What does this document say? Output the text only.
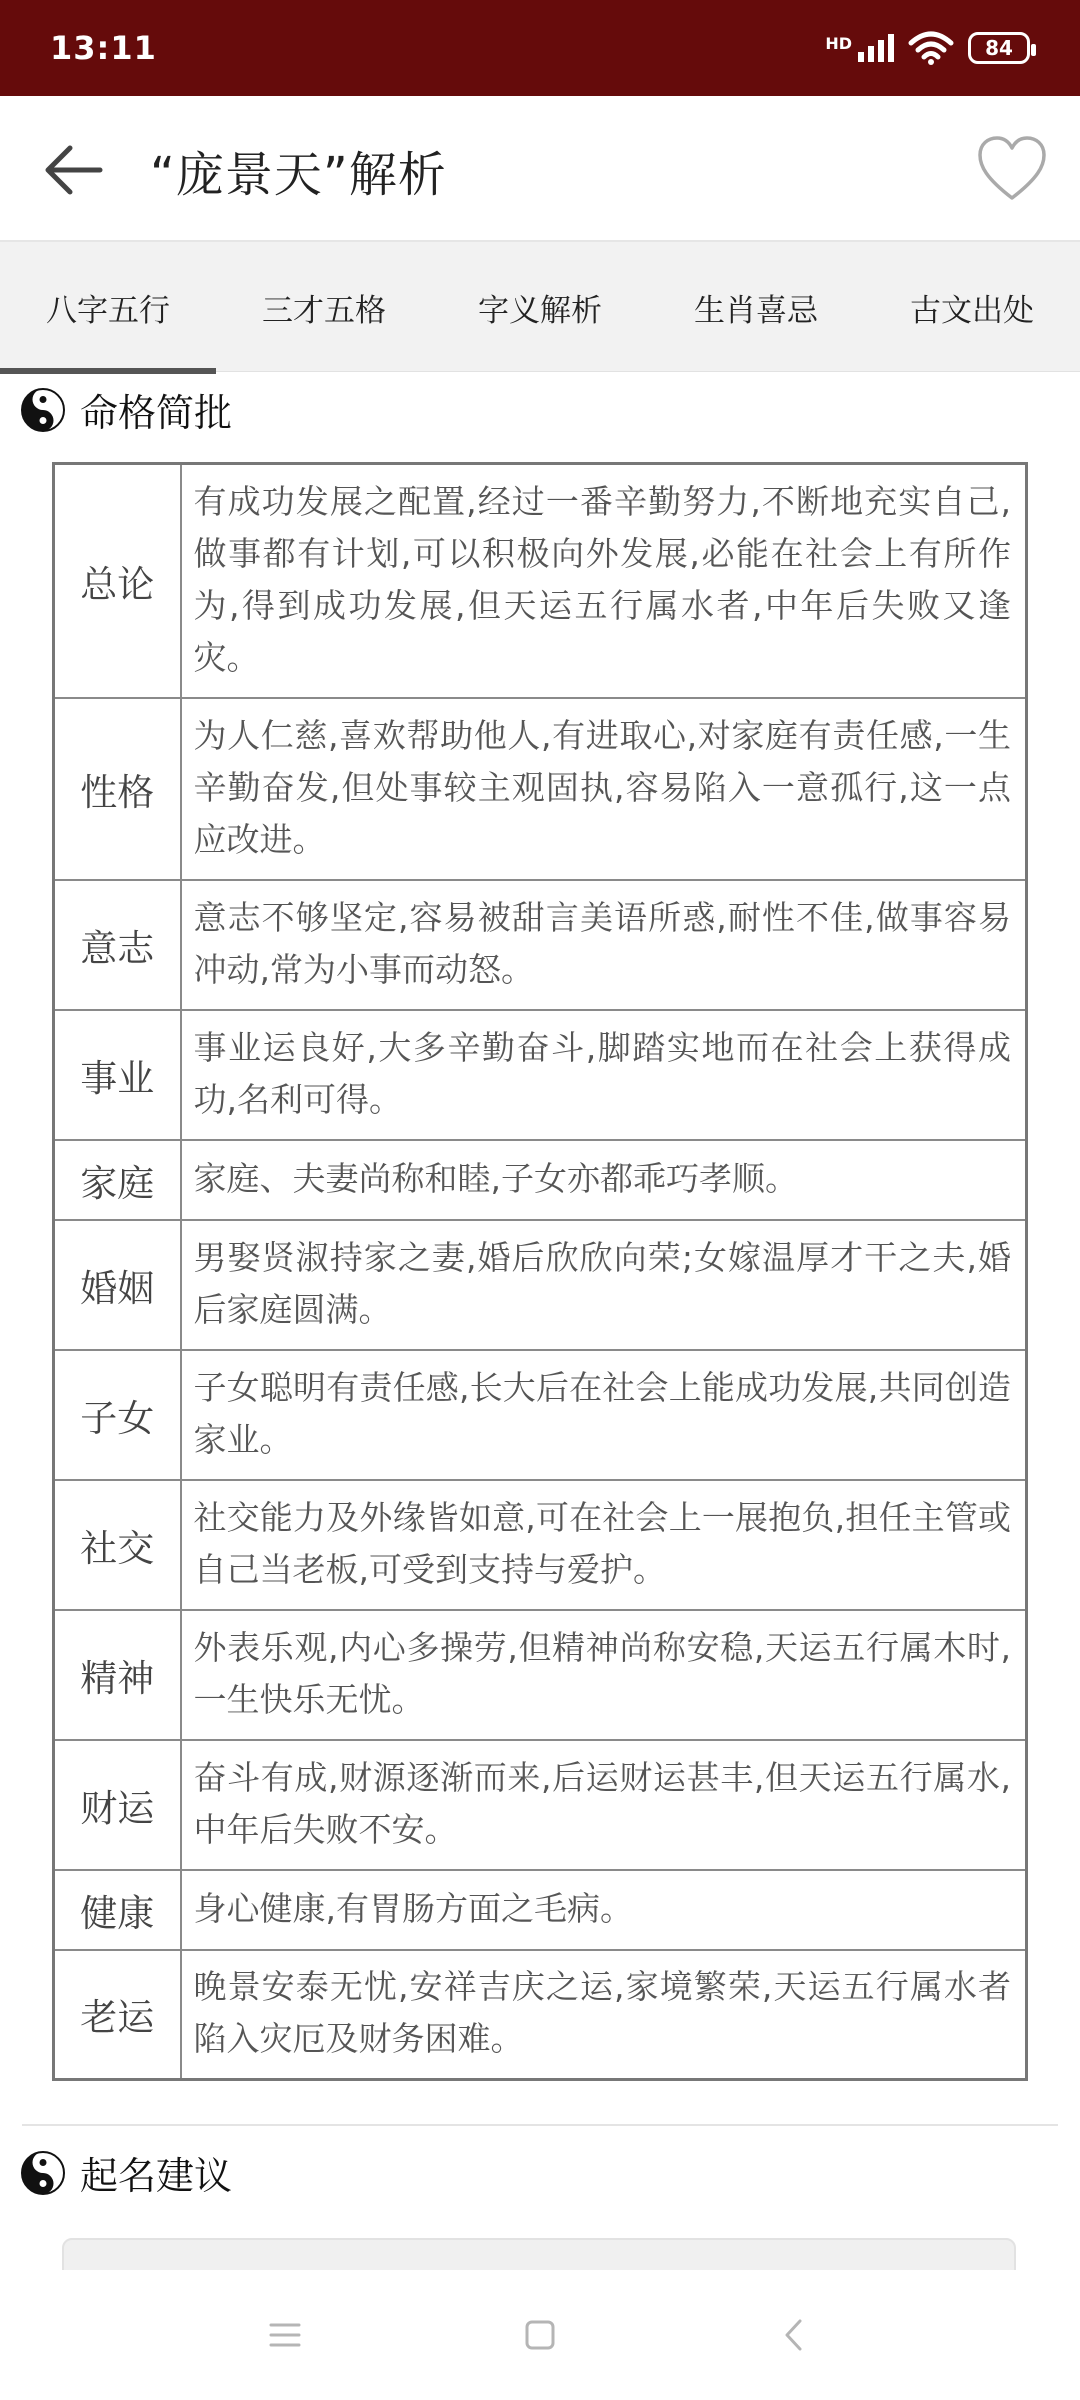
13:11	HD	84
“庞景天”解析
八字五行	三才五格	字义解析	生肖喜忌	古文出处
命格简批
总论	有成功发展之配置,经过一番辛勤努力,不断地充实自己,做事都有计划,可以积极向外发展,必能在社会上有所作为,得到成功发展,但天运五行属水者,中年后失败又逢灾。
性格	为人仁慈,喜欢帮助他人,有进取心,对家庭有责任感,一生辛勤奋发,但处事较主观固执,容易陷入一意孤行,这一点应改进。
意志	意志不够坚定,容易被甜言美语所惑,耐性不佳,做事容易冲动,常为小事而动怒。
事业	事业运良好,大多辛勤奋斗,脚踏实地而在社会上获得成功,名利可得。
家庭	家庭、夫妻尚称和睦,子女亦都乖巧孝顺。
婚姻	男娶贤淑持家之妻,婚后欣欣向荣;女嫁温厚才干之夫,婚后家庭圆满。
子女	子女聪明有责任感,长大后在社会上能成功发展,共同创造家业。
社交	社交能力及外缘皆如意,可在社会上一展抱负,担任主管或自己当老板,可受到支持与爱护。
精神	外表乐观,内心多操劳,但精神尚称安稳,天运五行属木时,一生快乐无忧。
财运	奋斗有成,财源逐渐而来,后运财运甚丰,但天运五行属水,中年后失败不安。
健康	身心健康,有胃肠方面之毛病。
老运	晚景安泰无忧,安祥吉庆之运,家境繁荣,天运五行属水者陷入灾厄及财务困难。
起名建议
